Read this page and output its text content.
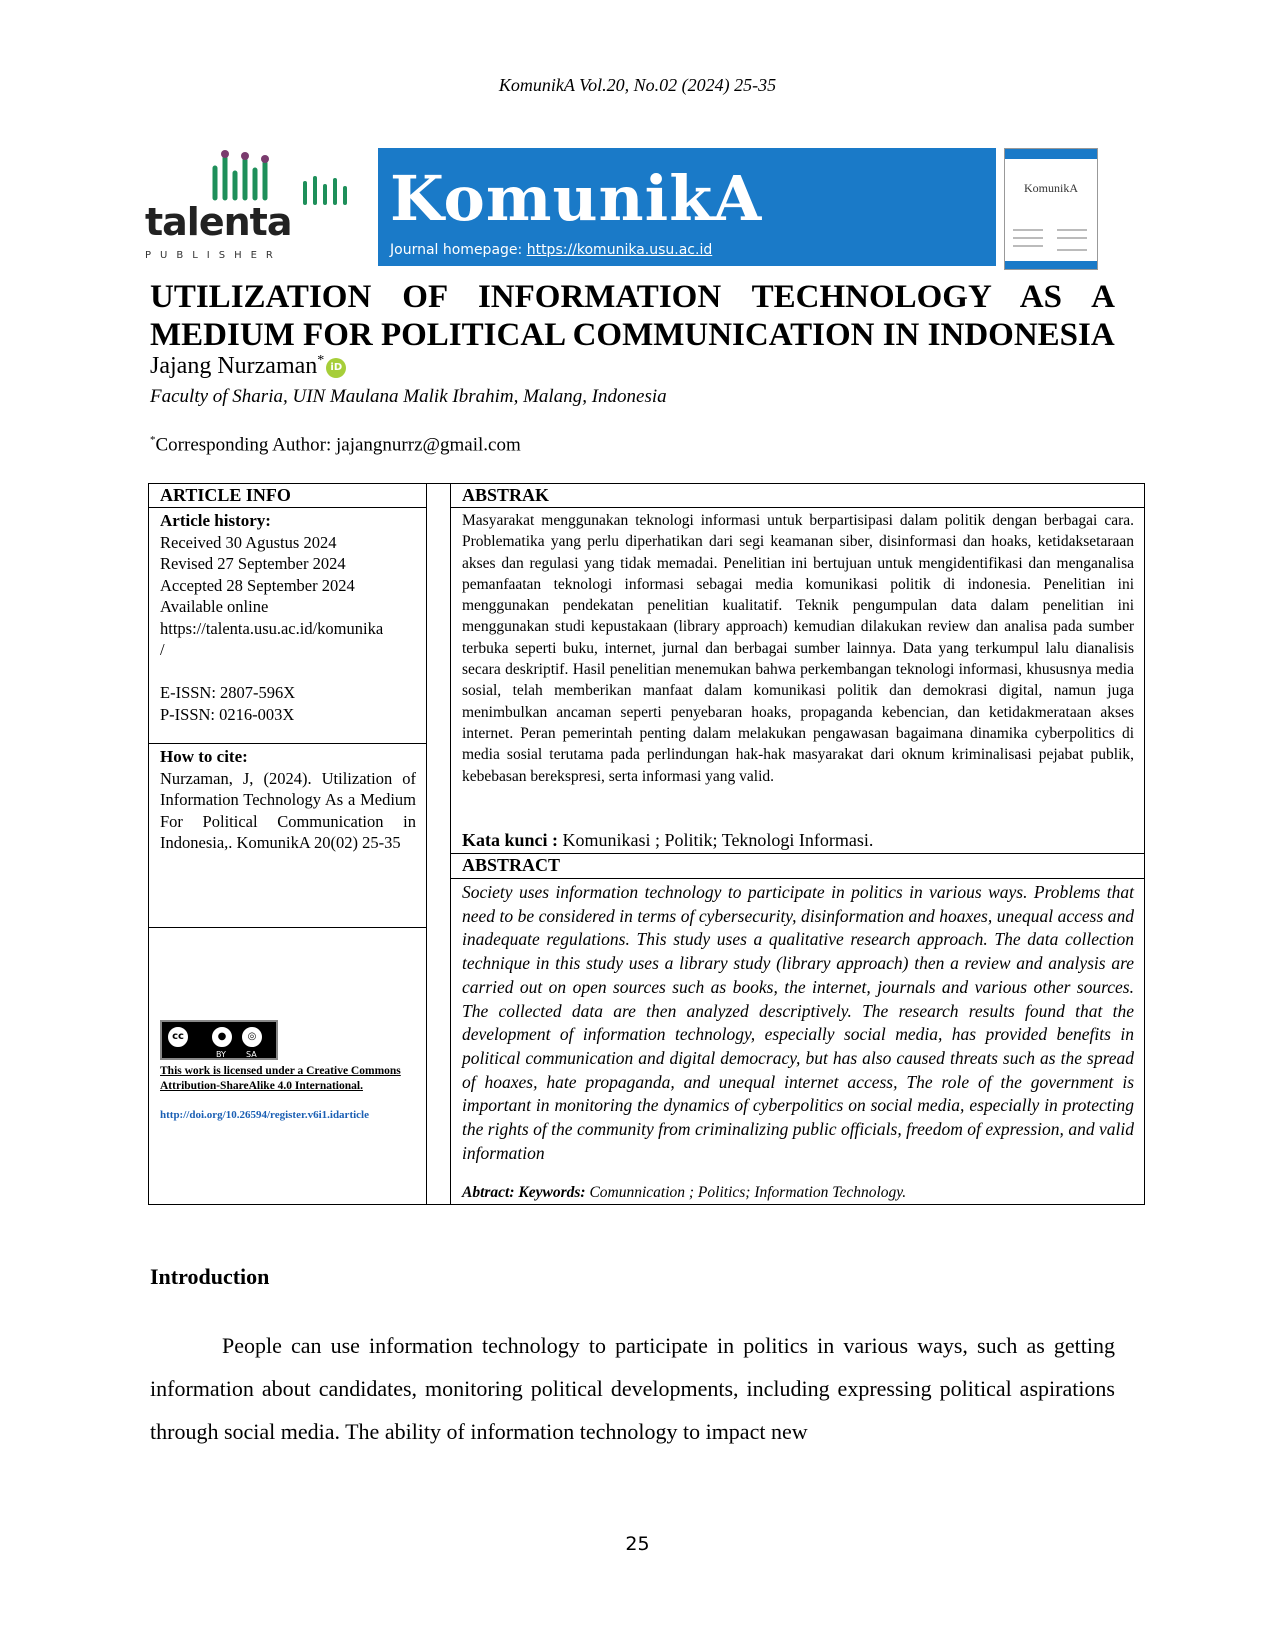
KomunikA Vol.20, No.02 (2024) 25-35
talenta
PUBLISHER
KomunikA
Journal homepage: https://komunika.usu.ac.id
KomunikA
UTILIZATION OF INFORMATION TECHNOLOGY AS A
MEDIUM FOR POLITICAL COMMUNICATION IN INDONESIA
Jajang Nurzaman* iD
Faculty of Sharia, UIN Maulana Malik Ibrahim, Malang, Indonesia
*Corresponding Author: jajangnurrz@gmail.com
ARTICLE INFO
Article history:
Received 30 Agustus 2024
Revised 27 September 2024
Accepted 28 September 2024
Available online
https://talenta.usu.ac.id/komunika
/
E-ISSN: 2807-596X
P-ISSN: 0216-003X
How to cite:
Nurzaman, J, (2024). Utilization of Information Technology As a Medium For Political Communication in Indonesia,. KomunikA 20(02) 25-35
cc	●	◎
BY	SA
This work is licensed under a Creative Commons Attribution-ShareAlike 4.0 International.
http://doi.org/10.26594/register.v6i1.idarticle
ABSTRAK
Masyarakat menggunakan teknologi informasi untuk berpartisipasi dalam politik dengan berbagai cara. Problematika yang perlu diperhatikan dari segi keamanan siber, disinformasi dan hoaks, ketidaksetaraan akses dan regulasi yang tidak memadai. Penelitian ini bertujuan untuk mengidentifikasi dan menganalisa pemanfaatan teknologi informasi sebagai media komunikasi politik di indonesia. Penelitian ini menggunakan pendekatan penelitian kualitatif. Teknik pengumpulan data dalam penelitian ini menggunakan studi kepustakaan (library approach) kemudian dilakukan review dan analisa pada sumber terbuka seperti buku, internet, jurnal dan berbagai sumber lainnya. Data yang terkumpul lalu dianalisis secara deskriptif. Hasil penelitian menemukan bahwa perkembangan teknologi informasi, khususnya media sosial, telah memberikan manfaat dalam komunikasi politik dan demokrasi digital, namun juga menimbulkan ancaman seperti penyebaran hoaks, propaganda kebencian, dan ketidakmerataan akses internet. Peran pemerintah penting dalam melakukan pengawasan bagaimana dinamika cyberpolitics di media sosial terutama pada perlindungan hak-hak masyarakat dari oknum kriminalisasi pejabat publik, kebebasan berekspresi, serta informasi yang valid.
Kata kunci : Komunikasi ; Politik; Teknologi Informasi.
ABSTRACT
Society uses information technology to participate in politics in various ways. Problems that need to be considered in terms of cybersecurity, disinformation and hoaxes, unequal access and inadequate regulations. This study uses a qualitative research approach. The data collection technique in this study uses a library study (library approach) then a review and analysis are carried out on open sources such as books, the internet, journals and various other sources. The collected data are then analyzed descriptively. The research results found that the development of information technology, especially social media, has provided benefits in political communication and digital democracy, but has also caused threats such as the spread of hoaxes, hate propaganda, and unequal internet access, The role of the government is important in monitoring the dynamics of cyberpolitics on social media, especially in protecting the rights of the community from criminalizing public officials, freedom of expression, and valid information
Abtract: Keywords: Comunnication ; Politics; Information Technology.
Introduction
People can use information technology to participate in politics in various ways, such as getting information about candidates, monitoring political developments, including expressing political aspirations through social media. The ability of information technology to impact new
25
